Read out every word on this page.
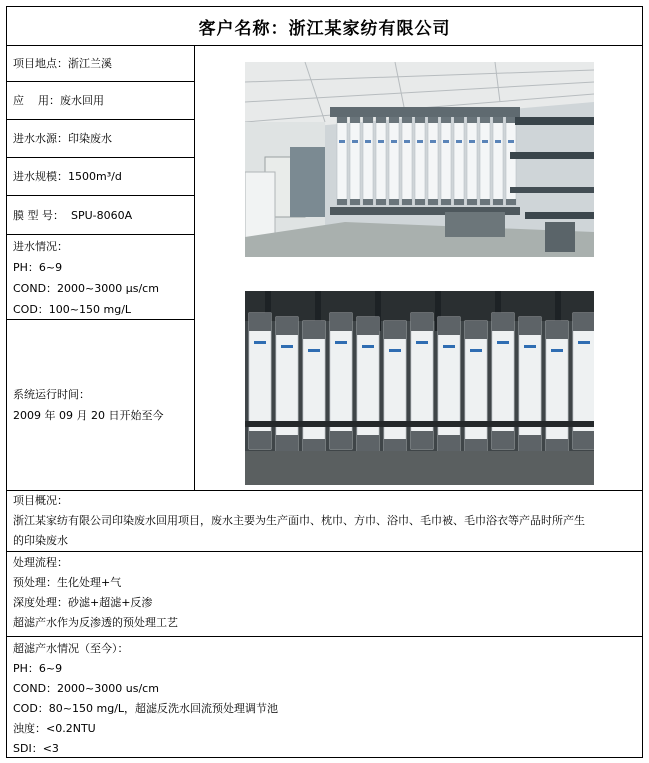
客户名称：浙江某家纺有限公司
项目地点：浙江兰溪
应    用：废水回用
进水水源：印染废水
进水规模：1500m³/d
膜 型 号：  SPU-8060A
进水情况：
PH：6~9
COND：2000~3000 µs/cm
COD：100~150 mg/L
系统运行时间：
2009 年 09 月 20 日开始至今
项目概况：
浙江某家纺有限公司印染废水回用项目，废水主要为生产面巾、枕巾、方巾、浴巾、毛巾被、毛巾浴衣等产品时所产生
的印染废水
处理流程：
预处理：生化处理+气
深度处理：砂滤+超滤+反渗
超滤产水作为反渗透的预处理工艺
超滤产水情况（至今）：
PH：6~9
COND：2000~3000 us/cm
COD：80~150 mg/L，超滤反洗水回流预处理调节池
浊度：<0.2NTU
SDI：<3
